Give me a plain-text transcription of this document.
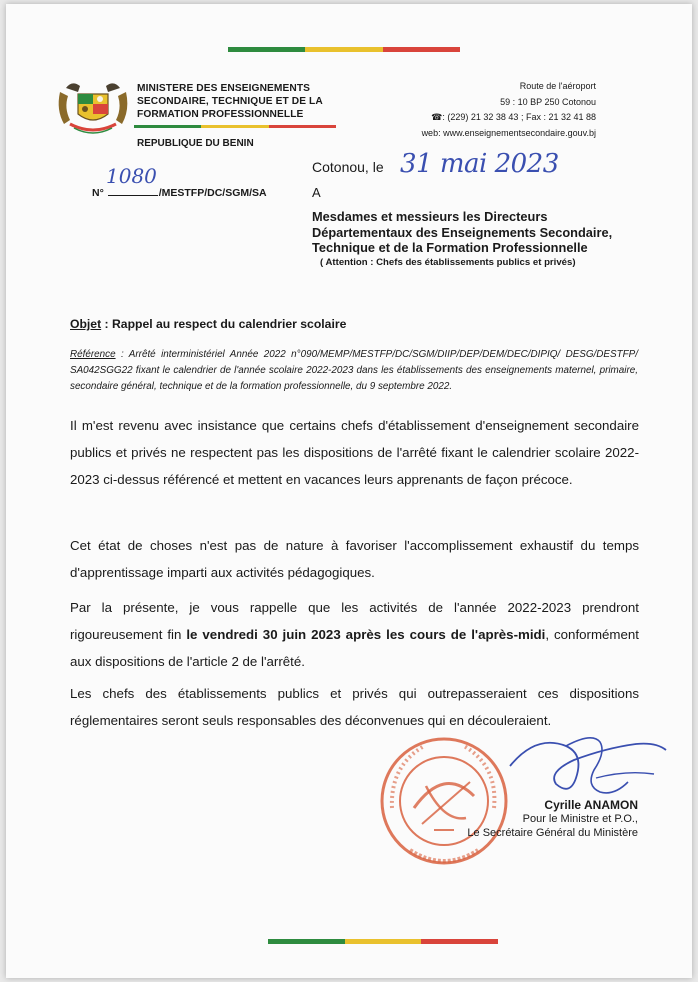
MINISTERE DES ENSEIGNEMENTS
SECONDAIRE, TECHNIQUE ET DE LA
FORMATION PROFESSIONNELLE
REPUBLIQUE DU BENIN
Route de l'aéroport
59 : 10 BP 250 Cotonou
☎: (229) 21 32 38 43 ; Fax : 21 32 41 88
web: www.enseignementsecondaire.gouv.bj
1080
N°	/MESTFP/DC/SGM/SA
Cotonou, le 31 mai 2023
A
Mesdames et messieurs les Directeurs
Départementaux des Enseignements Secondaire,
Technique et de la Formation Professionnelle
( Attention : Chefs des établissements publics et privés)
Objet : Rappel au respect du calendrier scolaire
Référence : Arrêté interministériel Année 2022 n°090/MEMP/MESTFP/DC/SGM/DIIP/DEP/DEM/DEC/DIPIQ/ DESG/DESTFP/ SA042SGG22 fixant le calendrier de l'année scolaire 2022-2023 dans les établissements des enseignements maternel, primaire, secondaire général, technique et de la formation professionnelle, du 9 septembre 2022.
Il m'est revenu avec insistance que certains chefs d'établissement d'enseignement secondaire publics et privés ne respectent pas les dispositions de l'arrêté fixant le calendrier scolaire 2022-2023 ci-dessus référencé et mettent en vacances leurs apprenants de façon précoce.
Cet état de choses n'est pas de nature à favoriser l'accomplissement exhaustif du temps d'apprentissage imparti aux activités pédagogiques.
Par la présente, je vous rappelle que les activités de l'année 2022-2023 prendront rigoureusement fin le vendredi 30 juin 2023 après les cours de l'après-midi, conformément aux dispositions de l'article 2 de l'arrêté.
Les chefs des établissements publics et privés qui outrepasseraient ces dispositions réglementaires seront seuls responsables des déconvenues qui en découleraient.
Cyrille ANAMON
Pour le Ministre et P.O.,
Le Secrétaire Général du Ministère
